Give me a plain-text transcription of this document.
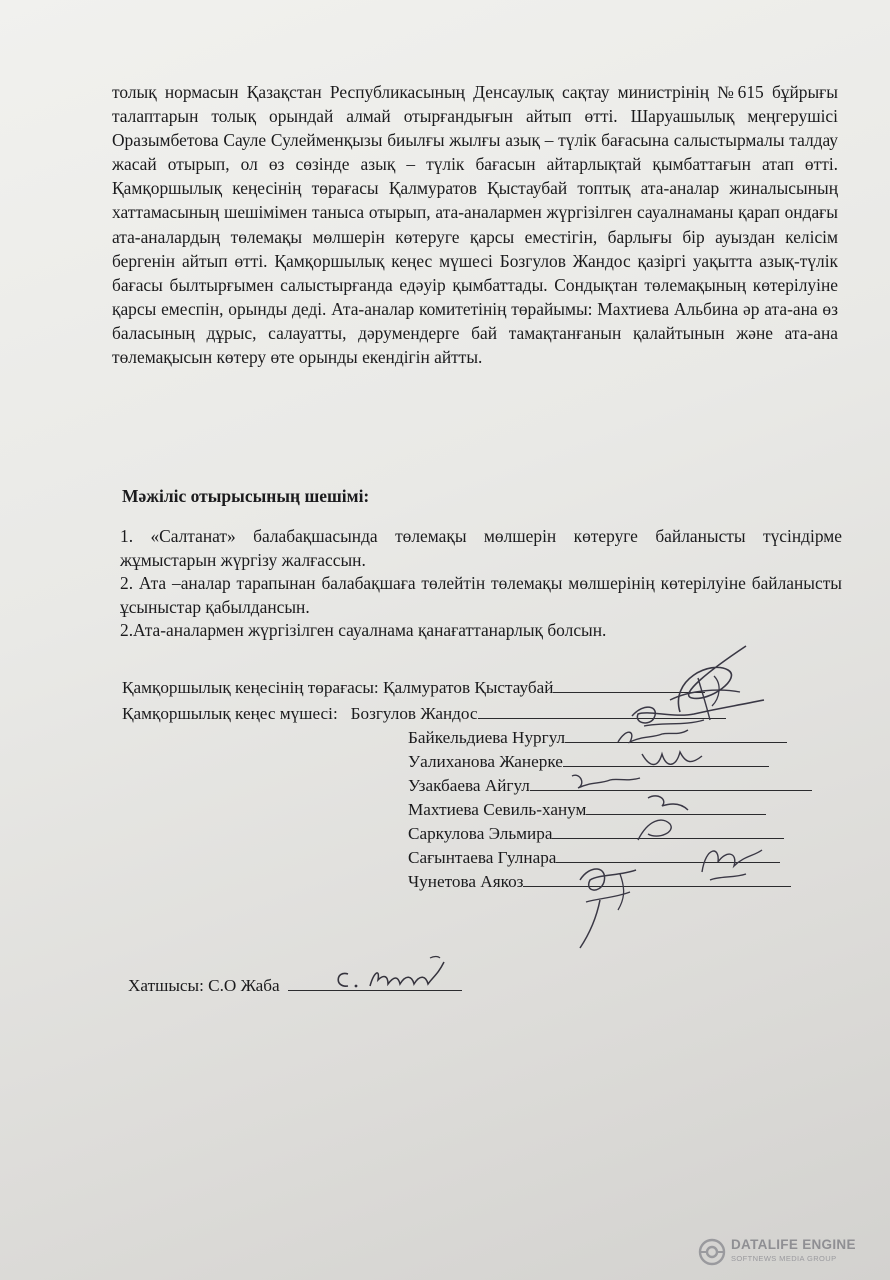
толық нормасын Қазақстан Республикасының Денсаулық сақтау министрінің №615 бұйрығы талаптарын толық орындай алмай отырғандығын айтып өтті. Шаруашылық меңгерушісі Оразымбетова Сауле Сулейменқызы биылғы жылғы азық – түлік бағасына салыстырмалы талдау жасай отырып, ол өз сөзінде азық – түлік бағасын айтарлықтай қымбаттағын атап өтті. Қамқоршылық кеңесінің төрағасы Қалмуратов Қыстаубай топтық ата-аналар жиналысының хаттамасының шешімімен таныса отырып, ата-аналармен жүргізілген сауалнаманы қарап ондағы ата-аналардың төлемақы мөлшерін көтеруге қарсы еместігін, барлығы бір ауыздан келісім бергенін айтып өтті. Қамқоршылық кеңес мүшесі Бозгулов Жандос қазіргі уақытта азық-түлік бағасы былтырғымен салыстырғанда едәуір қымбаттады. Сондықтан төлемақының көтерілуіне қарсы емеспін, орынды деді. Ата-аналар комитетінің төрайымы: Махтиева Альбина әр ата-ана өз баласының дұрыс, салауатты, дәрумендерге бай тамақтанғанын қалайтынын және ата-ана төлемақысын көтеру өте орынды екендігін айтты.

Мәжіліс отырысының шешімі:

1. «Салтанат» балабақшасында төлемақы мөлшерін көтеруге байланысты түсіндірме жұмыстарын жүргізу жалғассын.

2. Ата –аналар тарапынан балабақшаға төлейтін төлемақы мөлшерінің көтерілуіне байланысты ұсыныстар қабылдансын.

2.Ата-аналармен жүргізілген сауалнама қанағаттанарлық болсын.

Қамқоршылық кеңесінің төрағасы: Қалмуратов Қыстаубай
Қамқоршылық кеңес мүшесі: Бозгулов Жандос
Байкельдиева Нургул
Уалиханова Жанерке
Узакбаева Айгул
Махтиева Севиль-ханум
Саркулова Эльмира
Сағынтаева Гулнара
Чунетова Аякоз
Хатшысы: С.О Жаба
DATALIFE ENGINE
SOFTNEWS MEDIA GROUP
